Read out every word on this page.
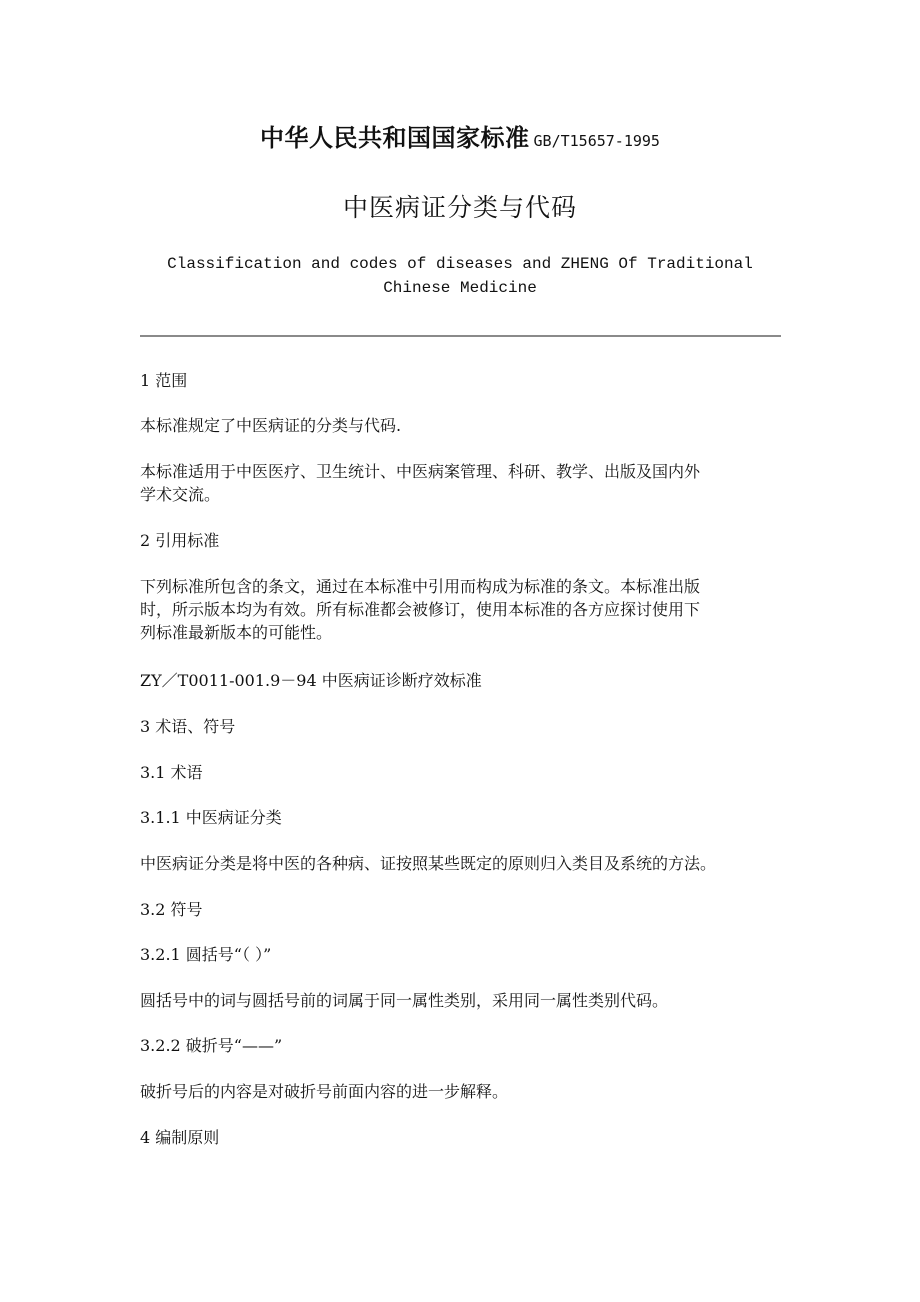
中华人民共和国国家标准 GB/T15657-1995
中医病证分类与代码
Classification and codes of diseases and ZHENG Of Traditional Chinese Medicine
1 范围
本标准规定了中医病证的分类与代码.
本标准适用于中医医疗、卫生统计、中医病案管理、科研、教学、出版及国内外
学术交流。
2 引用标准
下列标准所包含的条文，通过在本标准中引用而构成为标准的条文。本标准出版
时，所示版本均为有效。所有标准都会被修订，使用本标准的各方应探讨使用下
列标准最新版本的可能性。
ZY／T0011-001.9－94 中医病证诊断疗效标准
3 术语、符号
3.1 术语
3.1.1 中医病证分类
中医病证分类是将中医的各种病、证按照某些既定的原则归入类目及系统的方法。
3.2 符号
3.2.1 圆括号“（ ）”
圆括号中的词与圆括号前的词属于同一属性类别，采用同一属性类别代码。
3.2.2 破折号“——”
破折号后的内容是对破折号前面内容的进一步解释。
4 编制原则
